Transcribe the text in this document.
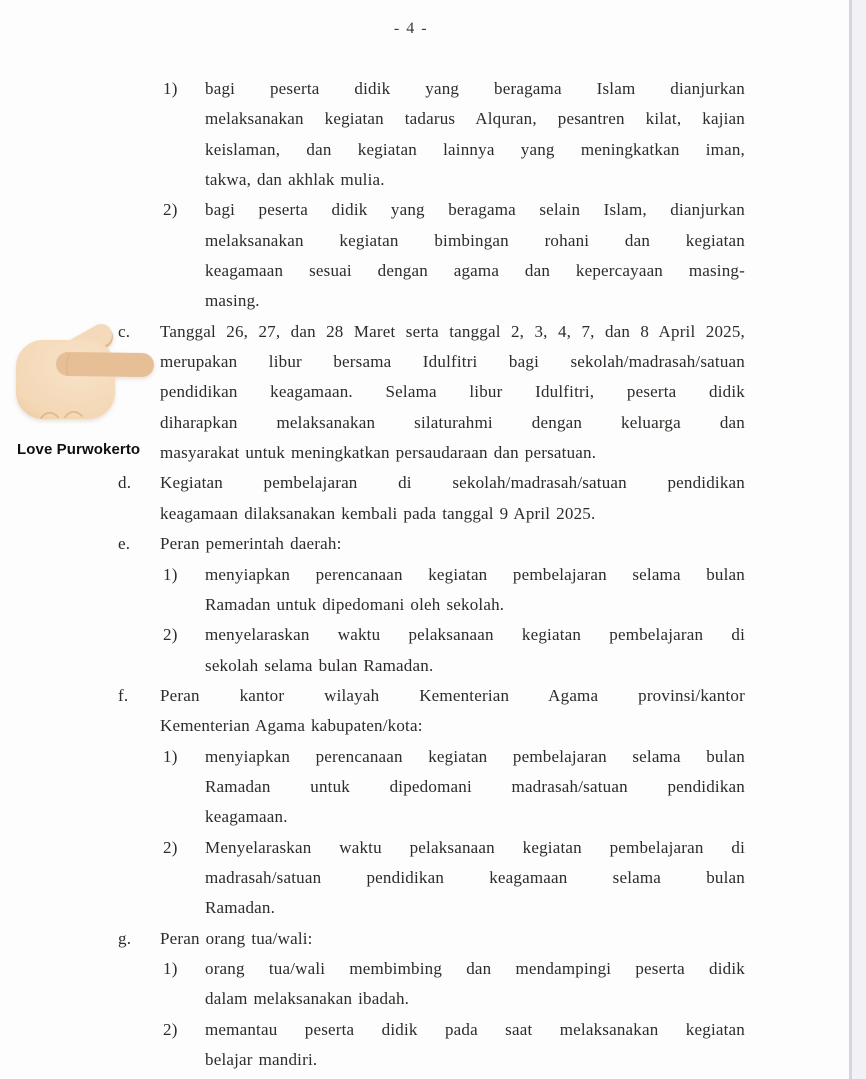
- 4 -
1)	bagi peserta didik yang beragama Islam dianjurkan
melaksanakan kegiatan tadarus Alquran, pesantren kilat, kajian
keislaman, dan kegiatan lainnya yang meningkatkan iman,
takwa, dan akhlak mulia.
2)	bagi peserta didik yang beragama selain Islam, dianjurkan
melaksanakan kegiatan bimbingan rohani dan kegiatan
keagamaan sesuai dengan agama dan kepercayaan masing-
masing.
c.	Tanggal 26, 27, dan 28 Maret serta tanggal 2, 3, 4, 7, dan 8 April 2025,
merupakan libur bersama Idulfitri bagi sekolah/madrasah/satuan
pendidikan keagamaan. Selama libur Idulfitri, peserta didik
diharapkan melaksanakan silaturahmi dengan keluarga dan
masyarakat untuk meningkatkan persaudaraan dan persatuan.
d.	Kegiatan pembelajaran di sekolah/madrasah/satuan pendidikan
keagamaan dilaksanakan kembali pada tanggal 9 April 2025.
e.	Peran pemerintah daerah:
1)	menyiapkan perencanaan kegiatan pembelajaran selama bulan
Ramadan untuk dipedomani oleh sekolah.
2)	menyelaraskan waktu pelaksanaan kegiatan pembelajaran di
sekolah selama bulan Ramadan.
f.	Peran kantor wilayah Kementerian Agama provinsi/kantor
Kementerian Agama kabupaten/kota:
1)	menyiapkan perencanaan kegiatan pembelajaran selama bulan
Ramadan untuk dipedomani madrasah/satuan pendidikan
keagamaan.
2)	Menyelaraskan waktu pelaksanaan kegiatan pembelajaran di
madrasah/satuan pendidikan keagamaan selama bulan
Ramadan.
g.	Peran orang tua/wali:
1)	orang tua/wali membimbing dan mendampingi peserta didik
dalam melaksanakan ibadah.
2)	memantau peserta didik pada saat melaksanakan kegiatan
belajar mandiri.
Love Purwokerto
